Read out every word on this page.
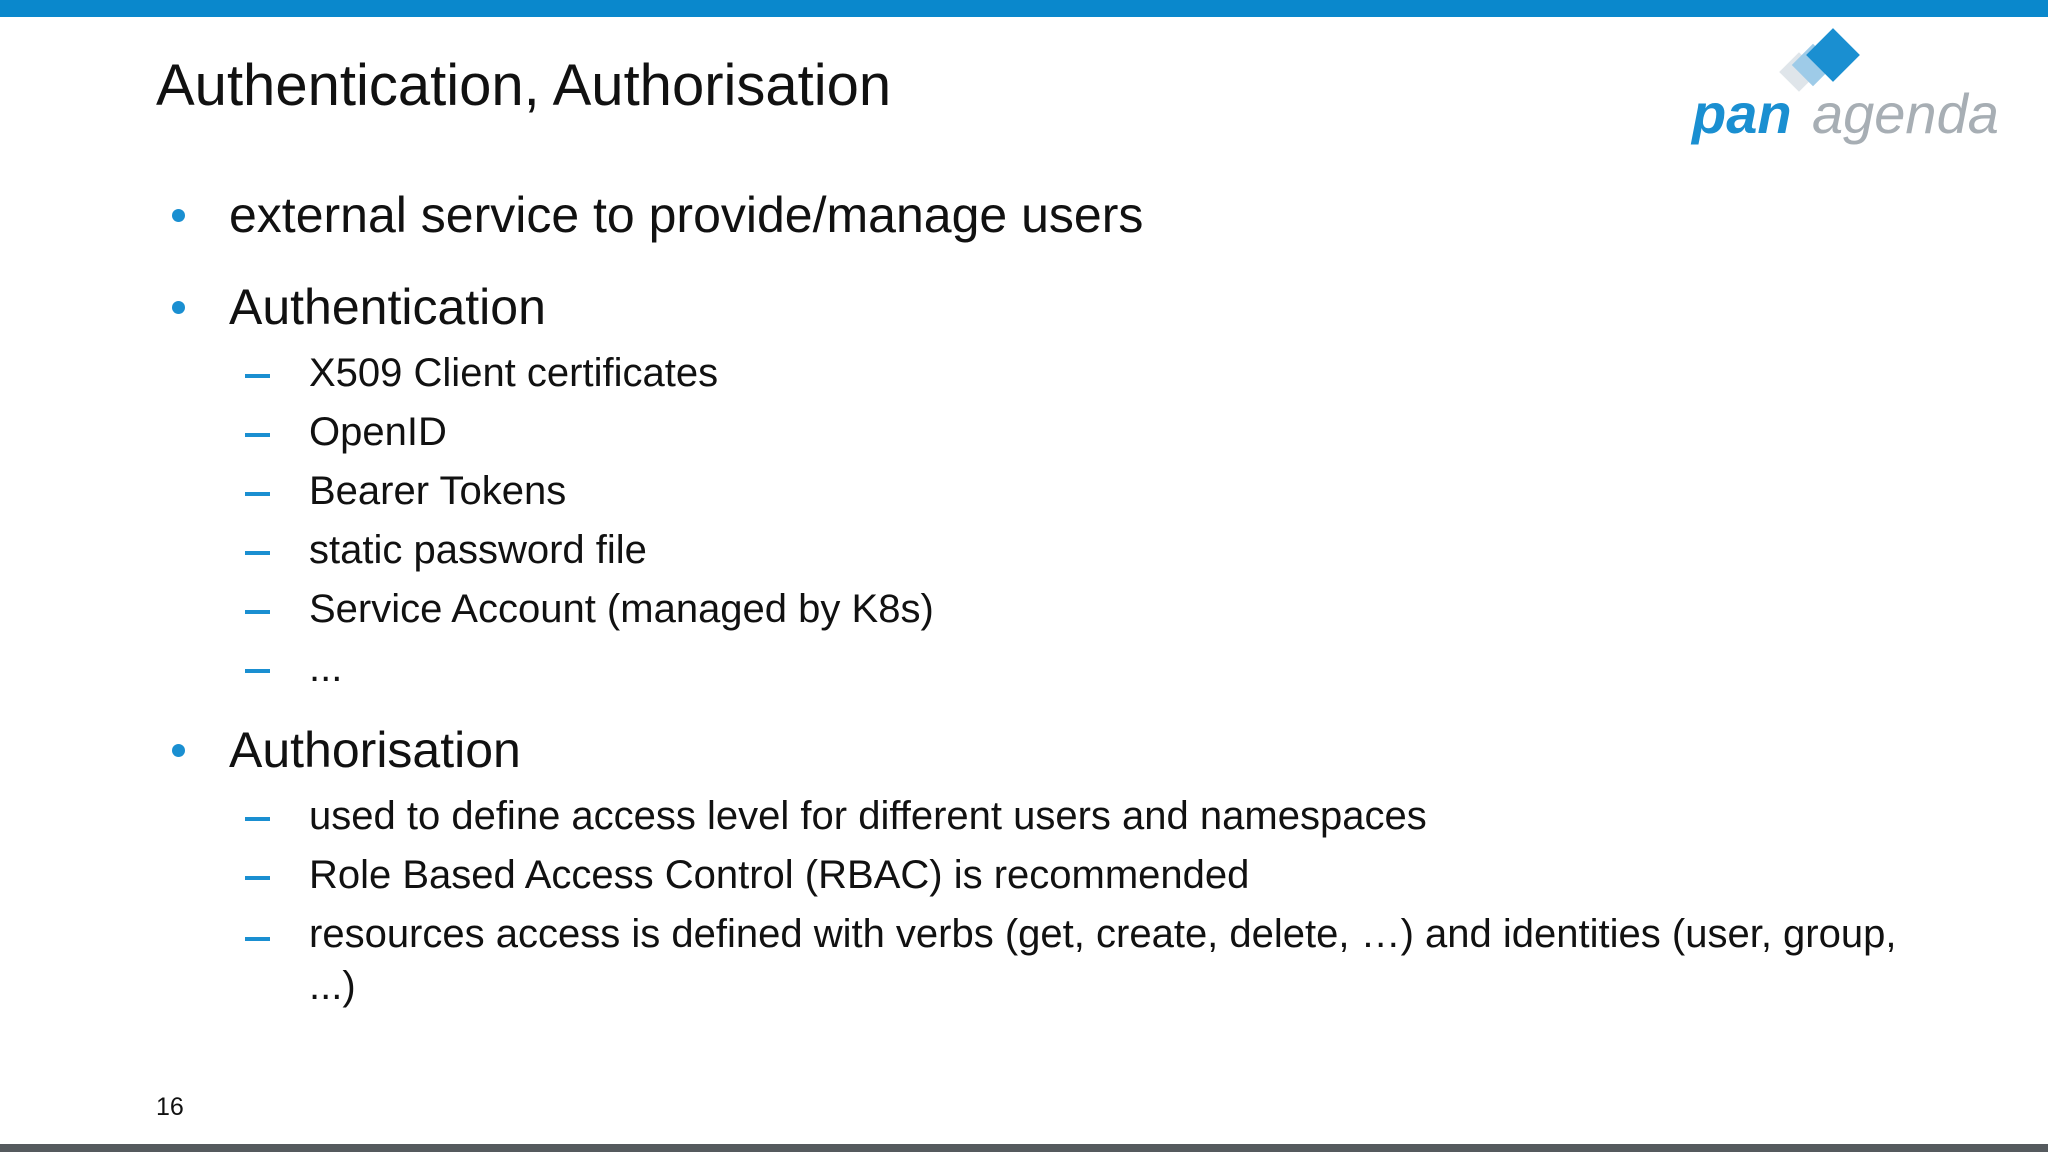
Authentication, Authorisation	pan agenda
external service to provide/manage users
Authentication
X509 Client certificates
OpenID
Bearer Tokens
static password file
Service Account (managed by K8s)
...
Authorisation
used to define access level for different users and namespaces
Role Based Access Control (RBAC) is recommended
resources access is defined with verbs (get, create, delete, …) and identities (user, group, ...)
16
